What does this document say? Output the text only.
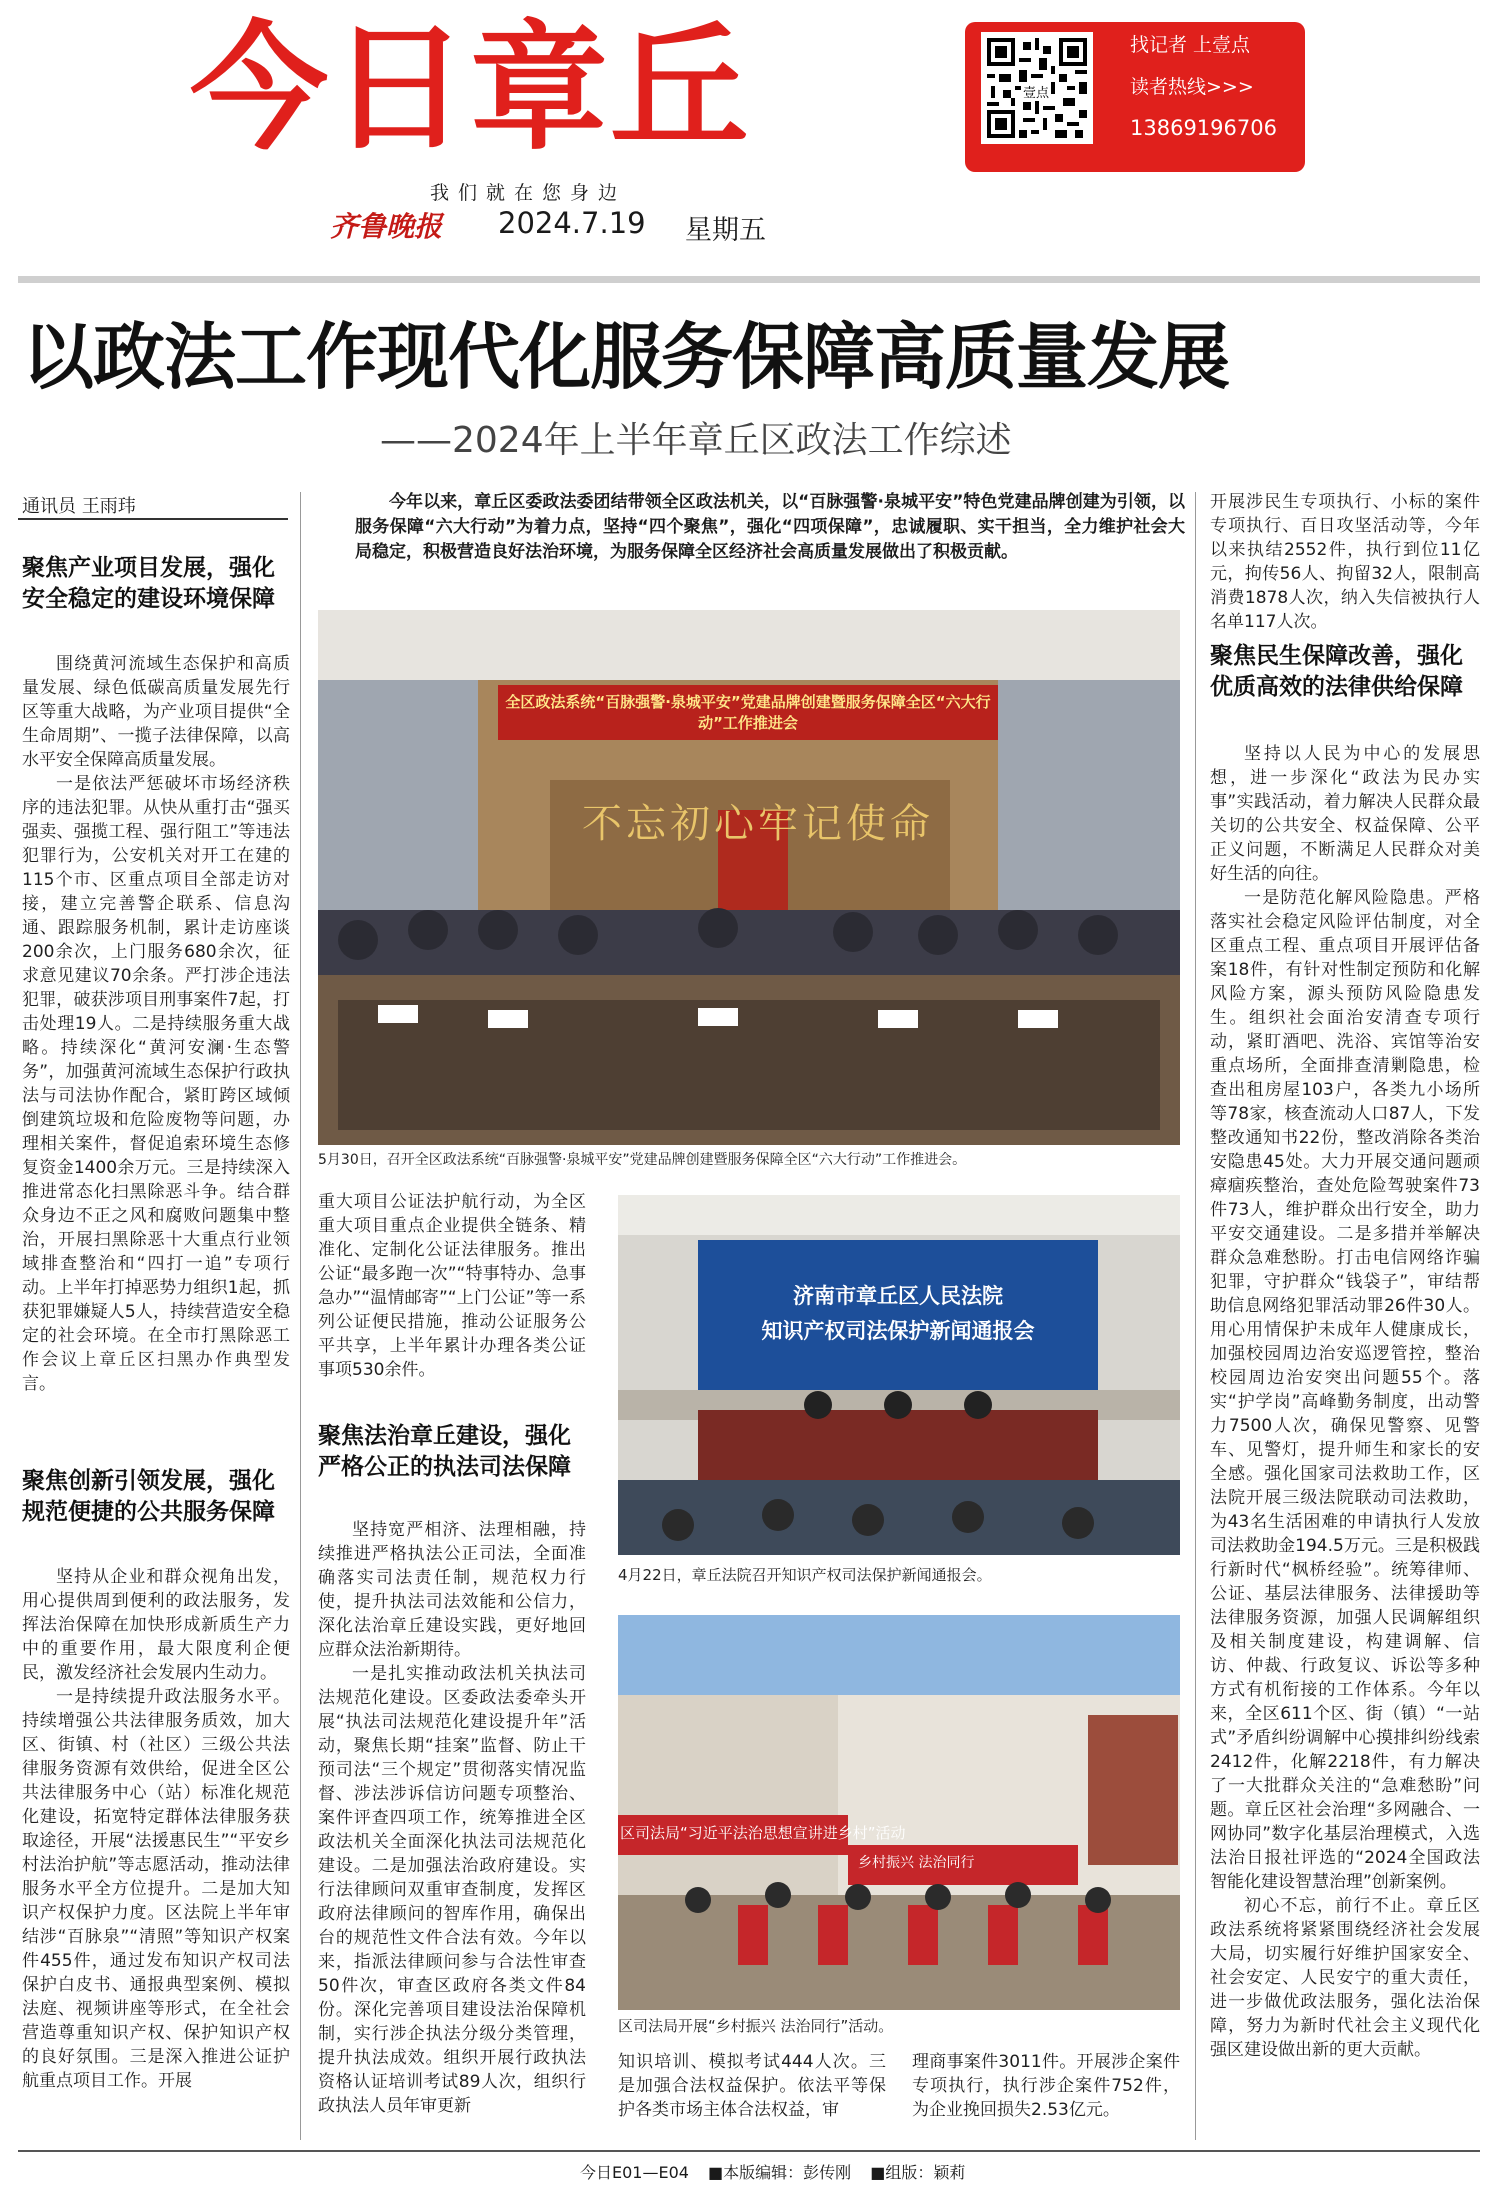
今日章丘	壹点
找记者 上壹点
读者热线>>>
13869196706
我们就在您身边
齐鲁晚报 2024.7.19 星期五
以政法工作现代化服务保障高质量发展
——2024年上半年章丘区政法工作综述
通讯员 王雨玮	今年以来，章丘区委政法委团结带领全区政法机关，以“百脉强警·泉城平安”特色党建品牌创建为引领，以服务保障“六大行动”为着力点，坚持“四个聚焦”，强化“四项保障”，忠诚履职、实干担当，全力维护社会大局稳定，积极营造良好法治环境，为服务保障全区经济社会高质量发展做出了积极贡献。

聚焦产业项目发展，强化安全稳定的建设环境保障

围绕黄河流域生态保护和高质量发展、绿色低碳高质量发展先行区等重大战略，为产业项目提供“全生命周期”、一揽子法律保障，以高水平安全保障高质量发展。

一是依法严惩破坏市场经济秩序的违法犯罪。从快从重打击“强买强卖、强揽工程、强行阻工”等违法犯罪行为，公安机关对开工在建的115个市、区重点项目全部走访对接，建立完善警企联系、信息沟通、跟踪服务机制，累计走访座谈200余次，上门服务680余次，征求意见建议70余条。严打涉企违法犯罪，破获涉项目刑事案件7起，打击处理19人。二是持续服务重大战略。持续深化“黄河安澜·生态警务”，加强黄河流域生态保护行政执法与司法协作配合，紧盯跨区域倾倒建筑垃圾和危险废物等问题，办理相关案件，督促追索环境生态修复资金1400余万元。三是持续深入推进常态化扫黑除恶斗争。结合群众身边不正之风和腐败问题集中整治，开展扫黑除恶十大重点行业领域排查整治和“四打一追”专项行动。上半年打掉恶势力组织1起，抓获犯罪嫌疑人5人，持续营造安全稳定的社会环境。在全市打黑除恶工作会议上章丘区扫黑办作典型发言。

聚焦创新引领发展，强化规范便捷的公共服务保障

坚持从企业和群众视角出发，用心提供周到便利的政法服务，发挥法治保障在加快形成新质生产力中的重要作用，最大限度利企便民，激发经济社会发展内生动力。

一是持续提升政法服务水平。持续增强公共法律服务质效，加大区、街镇、村（社区）三级公共法律服务资源有效供给，促进全区公共法律服务中心（站）标准化规范化建设，拓宽特定群体法律服务获取途径，开展“法援惠民生”“平安乡村法治护航”等志愿活动，推动法律服务水平全方位提升。二是加大知识产权保护力度。区法院上半年审结涉“百脉泉”“清照”等知识产权案件455件，通过发布知识产权司法保护白皮书、通报典型案例、模拟法庭、视频讲座等形式，在全社会营造尊重知识产权、保护知识产权的良好氛围。三是深入推进公证护航重点项目工作。开展

全区政法系统“百脉强警·泉城平安”党建品牌创建暨服务保障全区“六大行动”工作推进会
不忘初心牢记使命
5月30日，召开全区政法系统“百脉强警·泉城平安”党建品牌创建暨服务保障全区“六大行动”工作推进会。

重大项目公证法护航行动，为全区重大项目重点企业提供全链条、精准化、定制化公证法律服务。推出公证“最多跑一次”“特事特办、急事急办”“温情邮寄”“上门公证”等一系列公证便民措施，推动公证服务公平共享，上半年累计办理各类公证事项530余件。

聚焦法治章丘建设，强化严格公正的执法司法保障

坚持宽严相济、法理相融，持续推进严格执法公正司法，全面准确落实司法责任制，规范权力行使，提升执法司法效能和公信力，深化法治章丘建设实践，更好地回应群众法治新期待。

一是扎实推动政法机关执法司法规范化建设。区委政法委牵头开展“执法司法规范化建设提升年”活动，聚焦长期“挂案”监督、防止干预司法“三个规定”贯彻落实情况监督、涉法涉诉信访问题专项整治、案件评查四项工作，统筹推进全区政法机关全面深化执法司法规范化建设。二是加强法治政府建设。实行法律顾问双重审查制度，发挥区政府法律顾问的智库作用，确保出台的规范性文件合法有效。今年以来，指派法律顾问参与合法性审查50件次，审查区政府各类文件84份。深化完善项目建设法治保障机制，实行涉企执法分级分类管理，提升执法成效。组织开展行政执法资格认证培训考试89人次，组织行政执法人员年审更新

济南市章丘区人民法院
知识产权司法保护新闻通报会
4月22日，章丘法院召开知识产权司法保护新闻通报会。
区司法局“习近平法治思想宣讲进乡村”活动
乡村振兴 法治同行
区司法局开展“乡村振兴 法治同行”活动。

知识培训、模拟考试444人次。三是加强合法权益保护。依法平等保护各类市场主体合法权益，审

理商事案件3011件。开展涉企案件专项执行，执行涉企案件752件，为企业挽回损失2.53亿元。

开展涉民生专项执行、小标的案件专项执行、百日攻坚活动等，今年以来执结2552件，执行到位11亿元，拘传56人、拘留32人，限制高消费1878人次，纳入失信被执行人名单117人次。

聚焦民生保障改善，强化优质高效的法律供给保障

坚持以人民为中心的发展思想，进一步深化“政法为民办实事”实践活动，着力解决人民群众最关切的公共安全、权益保障、公平正义问题，不断满足人民群众对美好生活的向往。

一是防范化解风险隐患。严格落实社会稳定风险评估制度，对全区重点工程、重点项目开展评估备案18件，有针对性制定预防和化解风险方案，源头预防风险隐患发生。组织社会面治安清查专项行动，紧盯酒吧、洗浴、宾馆等治安重点场所，全面排查清剿隐患，检查出租房屋103户，各类九小场所等78家，核查流动人口87人，下发整改通知书22份，整改消除各类治安隐患45处。大力开展交通问题顽瘴痼疾整治，查处危险驾驶案件73件73人，维护群众出行安全，助力平安交通建设。二是多措并举解决群众急难愁盼。打击电信网络诈骗犯罪，守护群众“钱袋子”，审结帮助信息网络犯罪活动罪26件30人。用心用情保护未成年人健康成长，加强校园周边治安巡逻管控，整治校园周边治安突出问题55个。落实“护学岗”高峰勤务制度，出动警力7500人次，确保见警察、见警车、见警灯，提升师生和家长的安全感。强化国家司法救助工作，区法院开展三级法院联动司法救助，为43名生活困难的申请执行人发放司法救助金194.5万元。三是积极践行新时代“枫桥经验”。统筹律师、公证、基层法律服务、法律援助等法律服务资源，加强人民调解组织及相关制度建设，构建调解、信访、仲裁、行政复议、诉讼等多种方式有机衔接的工作体系。今年以来，全区611个区、街（镇）“一站式”矛盾纠纷调解中心摸排纠纷线索2412件，化解2218件，有力解决了一大批群众关注的“急难愁盼”问题。章丘区社会治理“多网融合、一网协同”数字化基层治理模式，入选法治日报社评选的“2024全国政法智能化建设智慧治理”创新案例。

初心不忘，前行不止。章丘区政法系统将紧紧围绕经济社会发展大局，切实履行好维护国家安全、社会安定、人民安宁的重大责任，进一步做优政法服务，强化法治保障，努力为新时代社会主义现代化强区建设做出新的更大贡献。

今日E01—E04 ■本版编辑：彭传刚 ■组版：颖莉
